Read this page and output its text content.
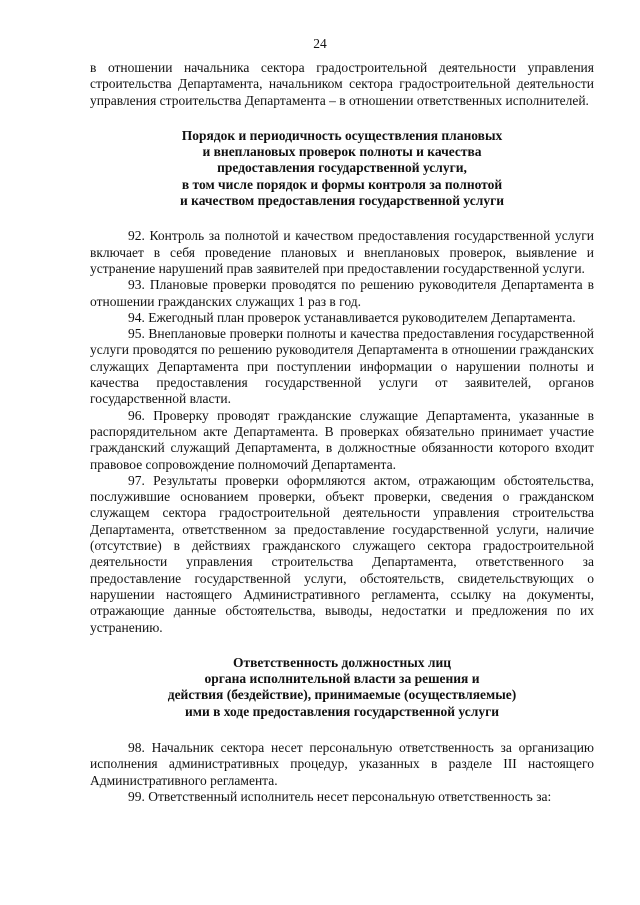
24

в отношении начальника сектора градостроительной деятельности управления строительства Департамента, начальником сектора градостроительной деятельности управления строительства Департамента – в отношении ответственных исполнителей.

Порядок и периодичность осуществления плановых
и внеплановых проверок полноты и качества
предоставления государственной услуги,
в том числе порядок и формы контроля за полнотой
и качеством предоставления государственной услуги

92. Контроль за полнотой и качеством предоставления государственной услуги включает в себя проведение плановых и внеплановых проверок, выявление и устранение нарушений прав заявителей при предоставлении государственной услуги.

93. Плановые проверки проводятся по решению руководителя Департамента в отношении гражданских служащих 1 раз в год.

94. Ежегодный план проверок устанавливается руководителем Департамента.

95. Внеплановые проверки полноты и качества предоставления государственной услуги проводятся по решению руководителя Департамента в отношении гражданских служащих Департамента при поступлении информации о нарушении полноты и качества предоставления государственной услуги от заявителей, органов государственной власти.

96. Проверку проводят гражданские служащие Департамента, указанные в распорядительном акте Департамента. В проверках обязательно принимает участие гражданский служащий Департамента, в должностные обязанности которого входит правовое сопровождение полномочий Департамента.

97. Результаты проверки оформляются актом, отражающим обстоятельства, послужившие основанием проверки, объект проверки, сведения о гражданском служащем сектора градостроительной деятельности управления строительства Департамента, ответственном за предоставление государственной услуги, наличие (отсутствие) в действиях гражданского служащего сектора градостроительной деятельности управления строительства Департамента, ответственного за предоставление государственной услуги, обстоятельств, свидетельствующих о нарушении настоящего Административного регламента, ссылку на документы, отражающие данные обстоятельства, выводы, недостатки и предложения по их устранению.

Ответственность должностных лиц
органа исполнительной власти за решения и
действия (бездействие), принимаемые (осуществляемые)
ими в ходе предоставления государственной услуги

98. Начальник сектора несет персональную ответственность за организацию исполнения административных процедур, указанных в разделе III настоящего Административного регламента.

99. Ответственный исполнитель несет персональную ответственность за:
